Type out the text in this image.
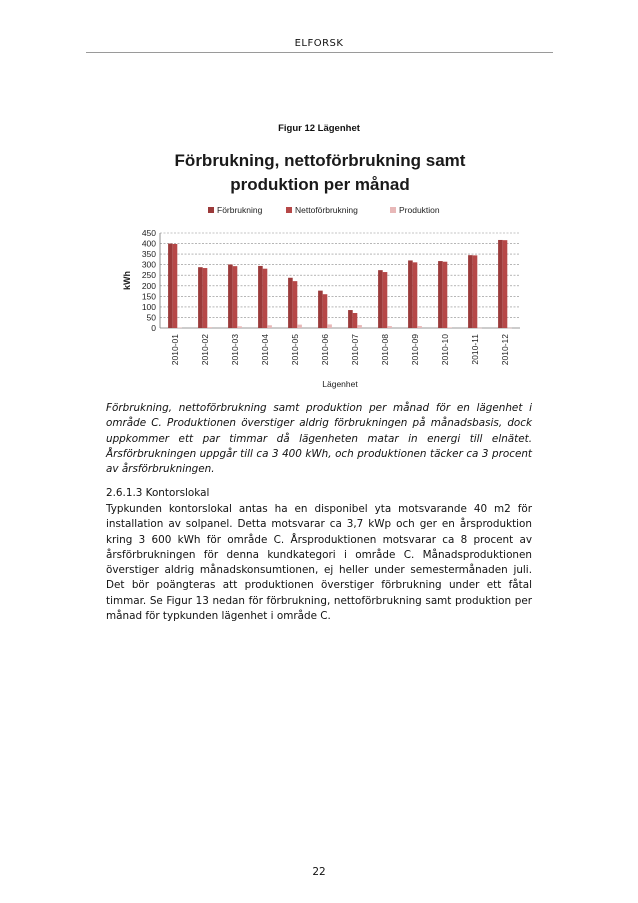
ELFORSK
Figur 12 Lägenhet
Förbrukning, nettoförbrukning samt
produktion per månad
0
50
100
150
200
250
300
350
400
450
kWh
Förbrukning	Nettoförbrukning	Produktion
2010-01 2010-02 2010-03 2010-04 2010-05 2010-06 2010-07 2010-08 2010-09 2010-10 2010-11 2010-12
Lägenhet
Förbrukning, nettoförbrukning samt produktion per månad för en lägenhet i område C. Produktionen överstiger aldrig förbrukningen på månadsbasis, dock uppkommer ett par timmar då lägenheten matar in energi till elnätet. Årsförbrukningen uppgår till ca 3 400 kWh, och produktionen täcker ca 3 procent av årsförbrukningen.
2.6.1.3 Kontorslokal
Typkunden kontorslokal antas ha en disponibel yta motsvarande 40 m2 för installation av solpanel. Detta motsvarar ca 3,7 kWp och ger en årsproduktion kring 3 600 kWh för område C. Årsproduktionen motsvarar ca 8 procent av årsförbrukningen för denna kundkategori i område C. Månadsproduktionen överstiger aldrig månadskonsumtionen, ej heller under semestermånaden juli. Det bör poängteras att produktionen överstiger förbrukning under ett fåtal timmar. Se Figur 13 nedan för förbrukning, nettoförbrukning samt produktion per månad för typkunden lägenhet i område C.
22
